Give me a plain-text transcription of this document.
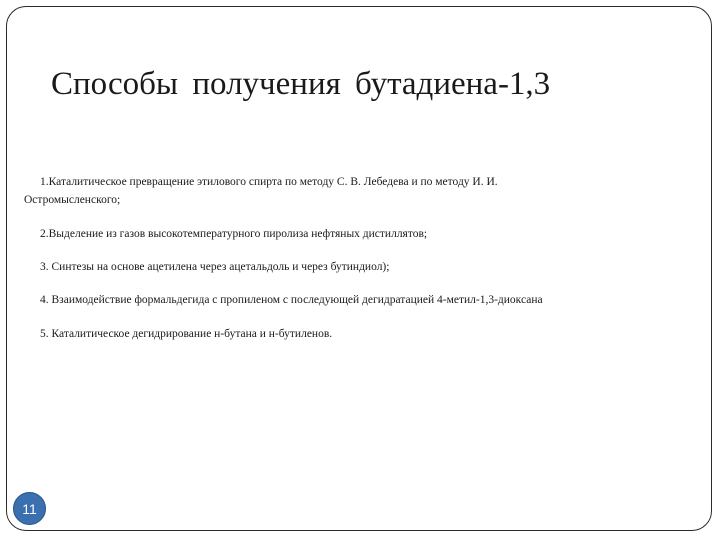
Способы получения бутадиена-1,3

1.Каталитическое превращение этилового спирта по методу С. В. Лебедева и по методу И. И.

Остромысленского;

2.Выделение из газов высокотемпературного пиролиза нефтяных дистиллятов;

3. Синтезы на основе ацетилена через ацетальдоль и через бутиндиол);

4. Взаимодействие формальдегида с пропиленом с последующей дегидратацией 4-метил-1,3-диоксана

5. Каталитическое дегидрирование н-бутана и н-бутиленов.

11
